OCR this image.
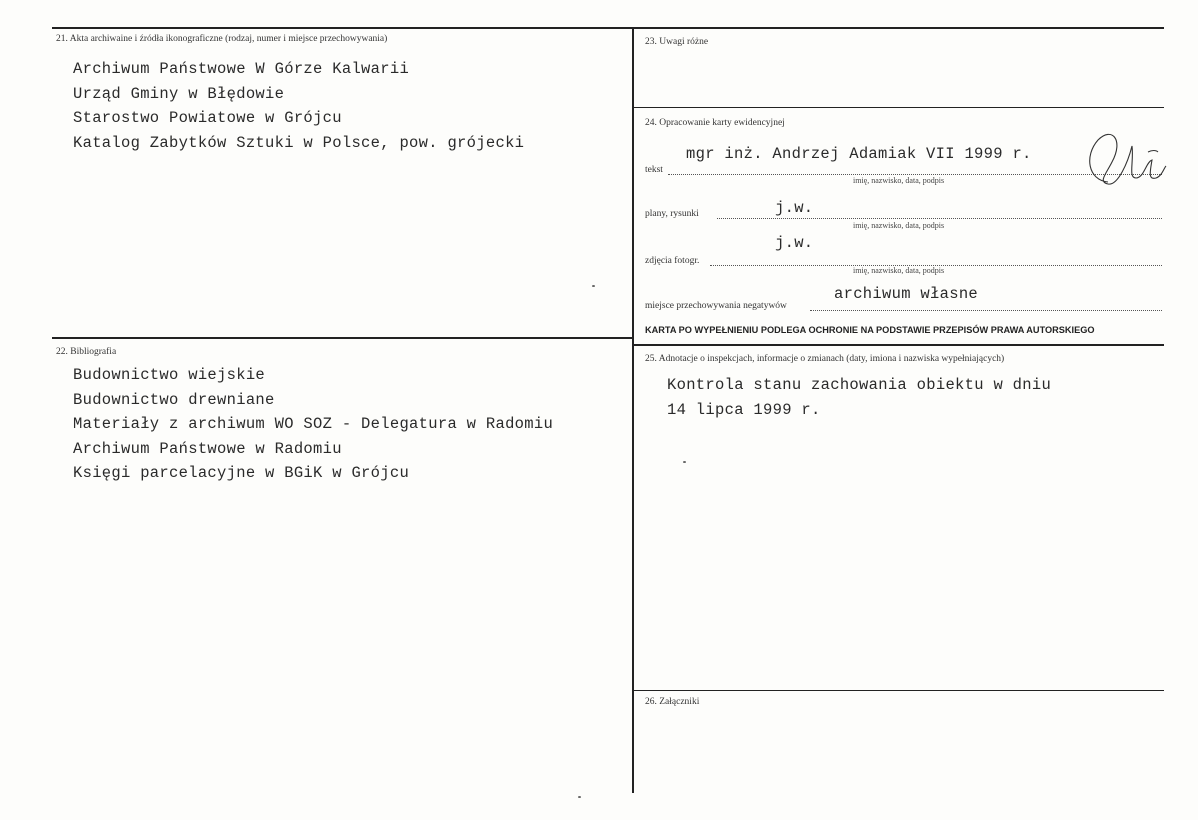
21. Akta archiwaine i źródła ikonograficzne (rodzaj, numer i miejsce przechowywania)
Archiwum Państwowe W Górze Kalwarii
Urząd Gminy w Błędowie
Starostwo Powiatowe w Grójcu
Katalog Zabytków Sztuki w Polsce, pow. grójecki
22. Bibliografia
Budownictwo wiejskie
Budownictwo drewniane
Materiały z archiwum WO SOZ - Delegatura w Radomiu
Archiwum Państwowe w Radomiu
Księgi parcelacyjne w BGiK w Grójcu
23. Uwagi różne
24. Opracowanie karty ewidencyjnej
tekst
mgr inż. Andrzej Adamiak VII 1999 r.
imię, nazwisko, data, podpis
plany, rysunki	j.w.
imię, nazwisko, data, podpis
zdjęcia fotogr.
j.w.
imię, nazwisko, data, podpis
miejsce przechowywania negatywów
archiwum własne
KARTA PO WYPEŁNIENIU PODLEGA OCHRONIE NA PODSTAWIE PRZEPISÓW PRAWA AUTORSKIEGO
25. Adnotacje o inspekcjach, informacje o zmianach (daty, imiona i nazwiska wypełniających)
Kontrola stanu zachowania obiektu w dniu
14 lipca 1999 r.
26. Załączniki
